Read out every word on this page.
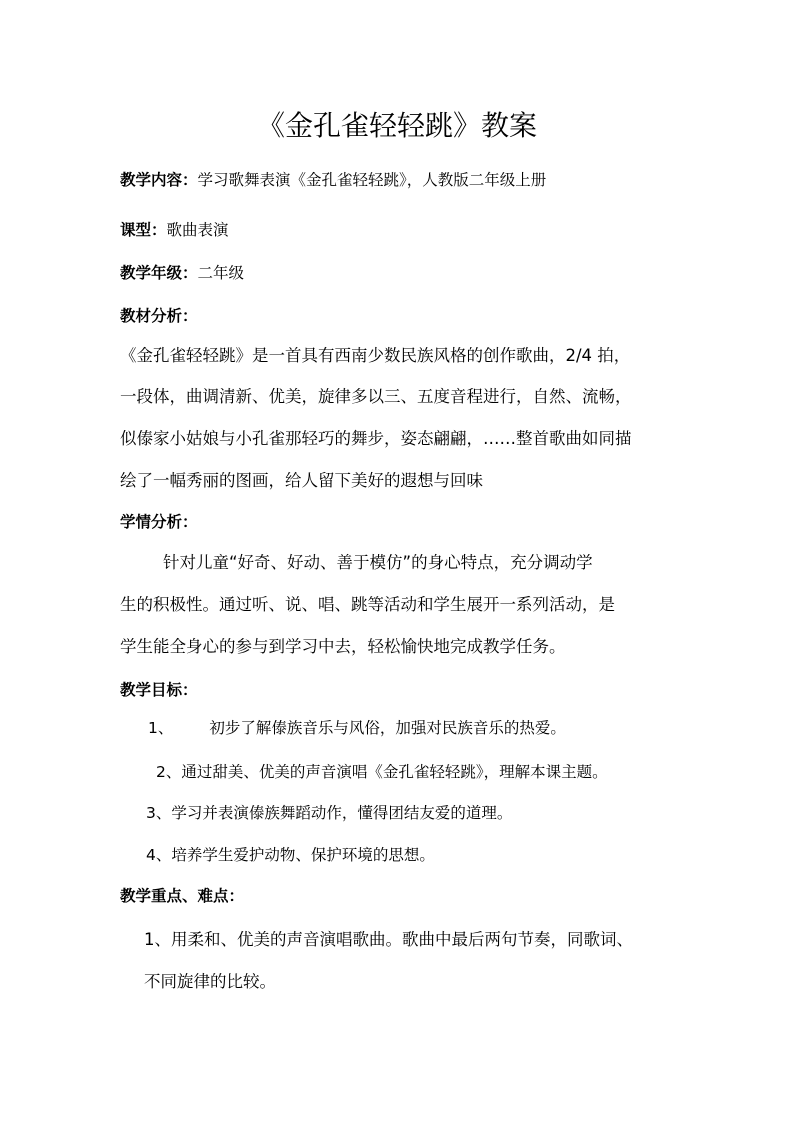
《金孔雀轻轻跳》教案
教学内容：学习歌舞表演《金孔雀轻轻跳》，人教版二年级上册
课型：歌曲表演
教学年级：二年级
教材分析：
《金孔雀轻轻跳》是一首具有西南少数民族风格的创作歌曲，2/4 拍，
一段体，曲调清新、优美，旋律多以三、五度音程进行，自然、流畅，
似傣家小姑娘与小孔雀那轻巧的舞步，姿态翩翩，……整首歌曲如同描
绘了一幅秀丽的图画，给人留下美好的遐想与回味
学情分析：
针对儿童“好奇、好动、善于模仿”的身心特点，充分调动学
生的积极性。通过听、说、唱、跳等活动和学生展开一系列活动，是
学生能全身心的参与到学习中去，轻松愉快地完成教学任务。
教学目标：
1、 初步了解傣族音乐与风俗，加强对民族音乐的热爱。
2、通过甜美、优美的声音演唱《金孔雀轻轻跳》，理解本课主题。
3、学习并表演傣族舞蹈动作，懂得团结友爱的道理。
4、培养学生爱护动物、保护环境的思想。
教学重点、难点：
1、用柔和、优美的声音演唱歌曲。歌曲中最后两句节奏，同歌词、
不同旋律的比较。
